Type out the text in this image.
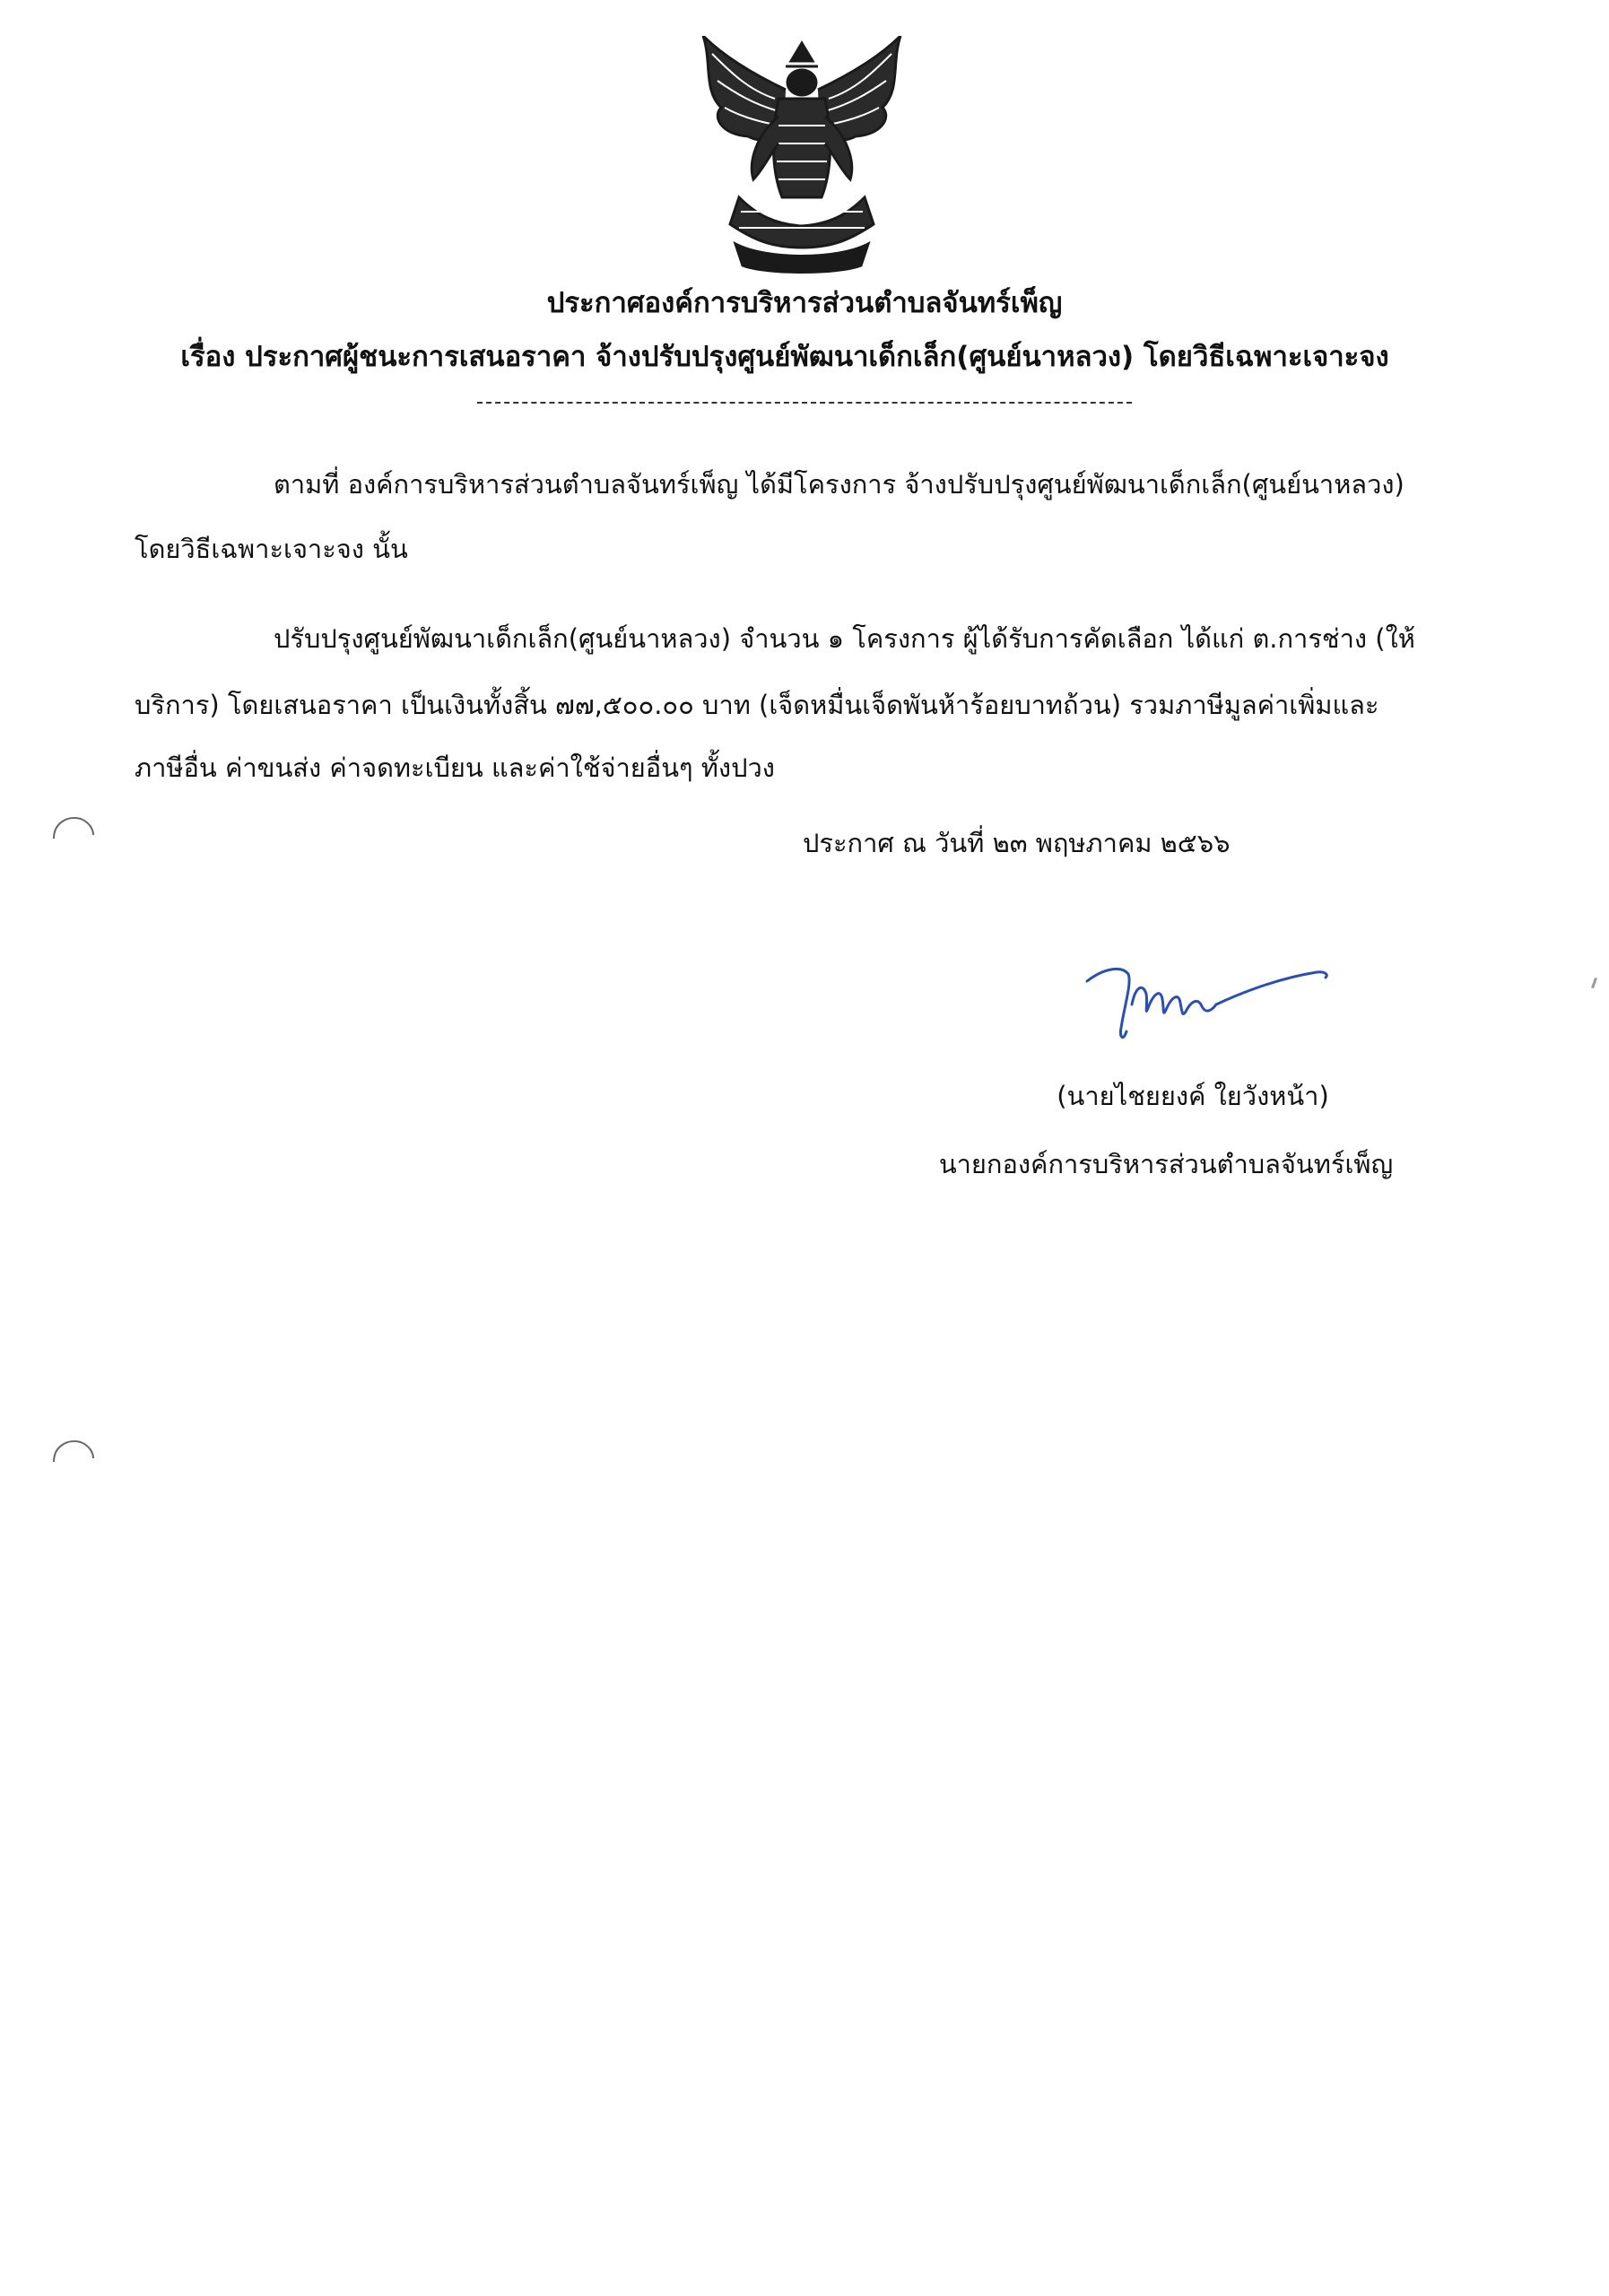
ประกาศองค์การบริหารส่วนตำบลจันทร์เพ็ญ
เรื่อง ประกาศผู้ชนะการเสนอราคา จ้างปรับปรุงศูนย์พัฒนาเด็กเล็ก(ศูนย์นาหลวง) โดยวิธีเฉพาะเจาะจง

ตามที่ องค์การบริหารส่วนตำบลจันทร์เพ็ญ ได้มีโครงการ จ้างปรับปรุงศูนย์พัฒนาเด็กเล็ก(ศูนย์นาหลวง)

โดยวิธีเฉพาะเจาะจง นั้น

ปรับปรุงศูนย์พัฒนาเด็กเล็ก(ศูนย์นาหลวง) จำนวน ๑ โครงการ ผู้ได้รับการคัดเลือก ได้แก่ ต.การช่าง (ให้

บริการ) โดยเสนอราคา เป็นเงินทั้งสิ้น ๗๗,๕๐๐.๐๐ บาท (เจ็ดหมื่นเจ็ดพันห้าร้อยบาทถ้วน) รวมภาษีมูลค่าเพิ่มและ

ภาษีอื่น ค่าขนส่ง ค่าจดทะเบียน และค่าใช้จ่ายอื่นๆ ทั้งปวง

ประกาศ ณ วันที่ ๒๓ พฤษภาคม ๒๕๖๖
(นายไชยยงค์ ใยวังหน้า)
นายกองค์การบริหารส่วนตำบลจันทร์เพ็ญ
